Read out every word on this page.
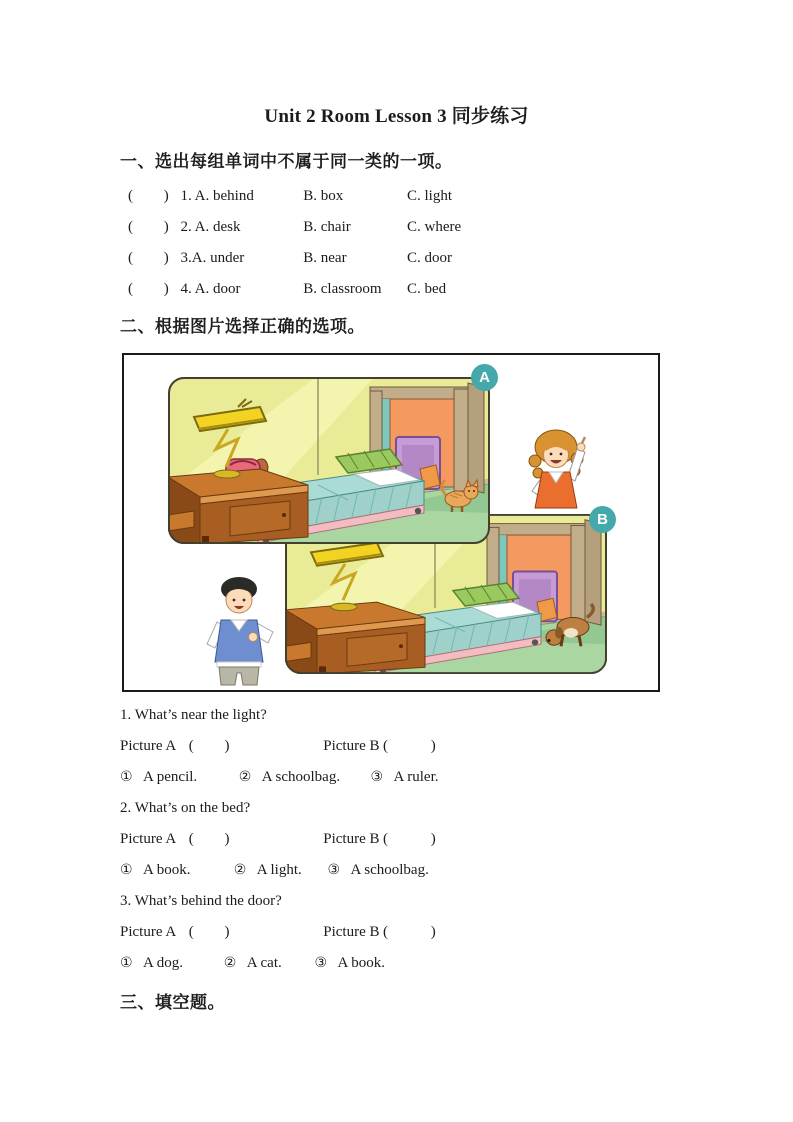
Unit 2 Room Lesson 3 同步练习
一、选出每组单词中不属于同一类的一项。
( ) 1. A. behind	B. box	C. light
( ) 2. A. desk	B. chair	C. where
( ) 3.A. under	B. near	C. door
( ) 4. A. door	B. classroom C. bed
二、根据图片选择正确的选项。
A
B
1. What’s near the light?
Picture A ( )	Picture B (	)
① A pencil.	② A schoolbag. ③ A ruler.
2. What’s on the bed?
Picture A ( )	Picture B (	)
① A book.	② A light. ③ A schoolbag.
3. What’s behind the door?
Picture A ( )	Picture B (	)
① A dog.	② A cat. ③ A book.
三、填空题。
